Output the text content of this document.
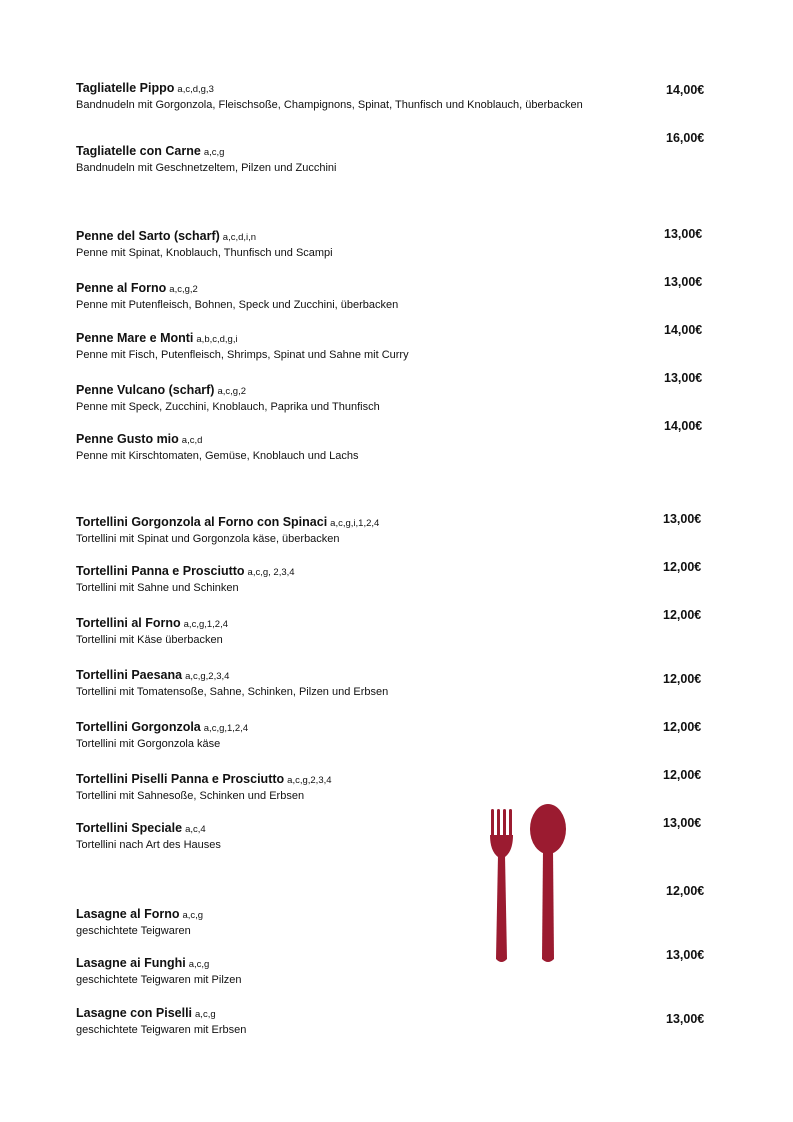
Tagliatelle Pippo a,c,d,g,3
Bandnudeln mit Gorgonzola, Fleischsoße, Champignons, Spinat, Thunfisch und Knoblauch, überbacken
Tagliatelle con Carne a,c,g
Bandnudeln mit Geschnetzeltem, Pilzen und Zucchini
Penne del Sarto (scharf) a,c,d,i,n
Penne mit Spinat, Knoblauch, Thunfisch und Scampi
Penne al Forno a,c,g,2
Penne mit Putenfleisch, Bohnen, Speck und Zucchini, überbacken
Penne Mare e Monti a,b,c,d,g,i
Penne mit Fisch, Putenfleisch, Shrimps, Spinat und Sahne mit Curry
Penne Vulcano (scharf) a,c,g,2
Penne mit Speck, Zucchini, Knoblauch, Paprika und Thunfisch
Penne Gusto mio a,c,d
Penne mit Kirschtomaten, Gemüse, Knoblauch und Lachs
Tortellini Gorgonzola al Forno con Spinaci a,c,g,i,1,2,4
Tortellini mit Spinat und Gorgonzola käse, überbacken
Tortellini Panna e Prosciutto a,c,g, 2,3,4
Tortellini mit Sahne und Schinken
Tortellini al Forno a,c,g,1,2,4
Tortellini mit Käse überbacken
Tortellini Paesana a,c,g,2,3,4
Tortellini mit Tomatensoße, Sahne, Schinken, Pilzen und Erbsen
Tortellini Gorgonzola a,c,g,1,2,4
Tortellini mit Gorgonzola käse
Tortellini Piselli Panna e Prosciutto a,c,g,2,3,4
Tortellini mit Sahnesoße, Schinken und Erbsen
Tortellini Speciale a,c,4
Tortellini nach Art des Hauses
Lasagne al Forno a,c,g
geschichtete Teigwaren
Lasagne ai Funghi a,c,g
geschichtete Teigwaren mit Pilzen
Lasagne con Piselli a,c,g
geschichtete Teigwaren mit Erbsen
14,00€
16,00€
13,00€
13,00€
14,00€
13,00€
14,00€
13,00€
12,00€
12,00€
12,00€
12,00€
12,00€
13,00€
12,00€
13,00€
13,00€
